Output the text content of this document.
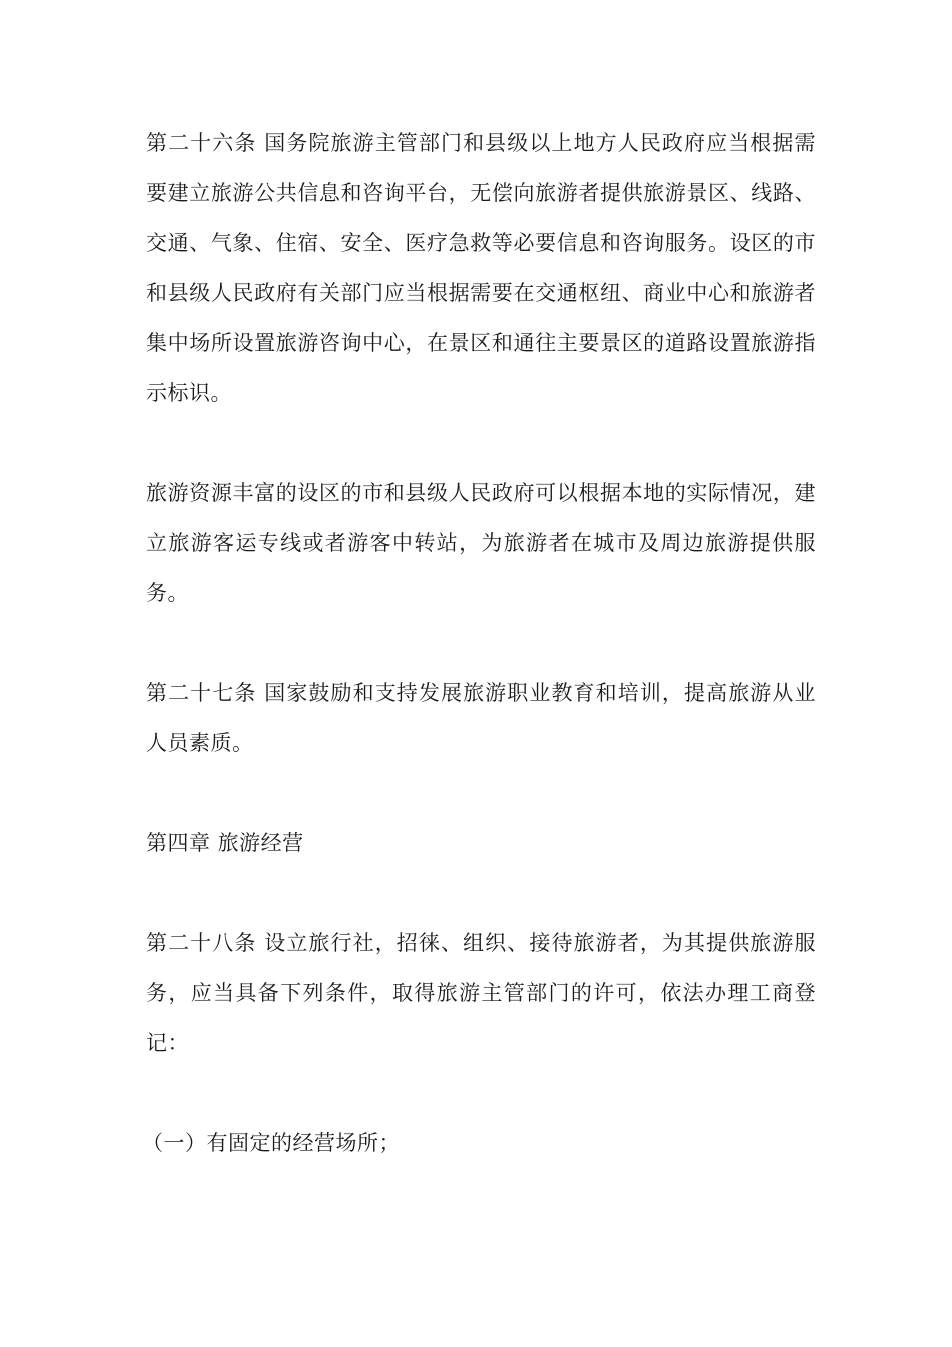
第二十六条 国务院旅游主管部门和县级以上地方人民政府应当根据需要建立旅游公共信息和咨询平台，无偿向旅游者提供旅游景区、线路、交通、气象、住宿、安全、医疗急救等必要信息和咨询服务。设区的市和县级人民政府有关部门应当根据需要在交通枢纽、商业中心和旅游者集中场所设置旅游咨询中心，在景区和通往主要景区的道路设置旅游指示标识。

旅游资源丰富的设区的市和县级人民政府可以根据本地的实际情况，建立旅游客运专线或者游客中转站，为旅游者在城市及周边旅游提供服务。

第二十七条 国家鼓励和支持发展旅游职业教育和培训，提高旅游从业人员素质。

第四章 旅游经营

第二十八条 设立旅行社，招徕、组织、接待旅游者，为其提供旅游服务，应当具备下列条件，取得旅游主管部门的许可，依法办理工商登记：

（一）有固定的经营场所；
